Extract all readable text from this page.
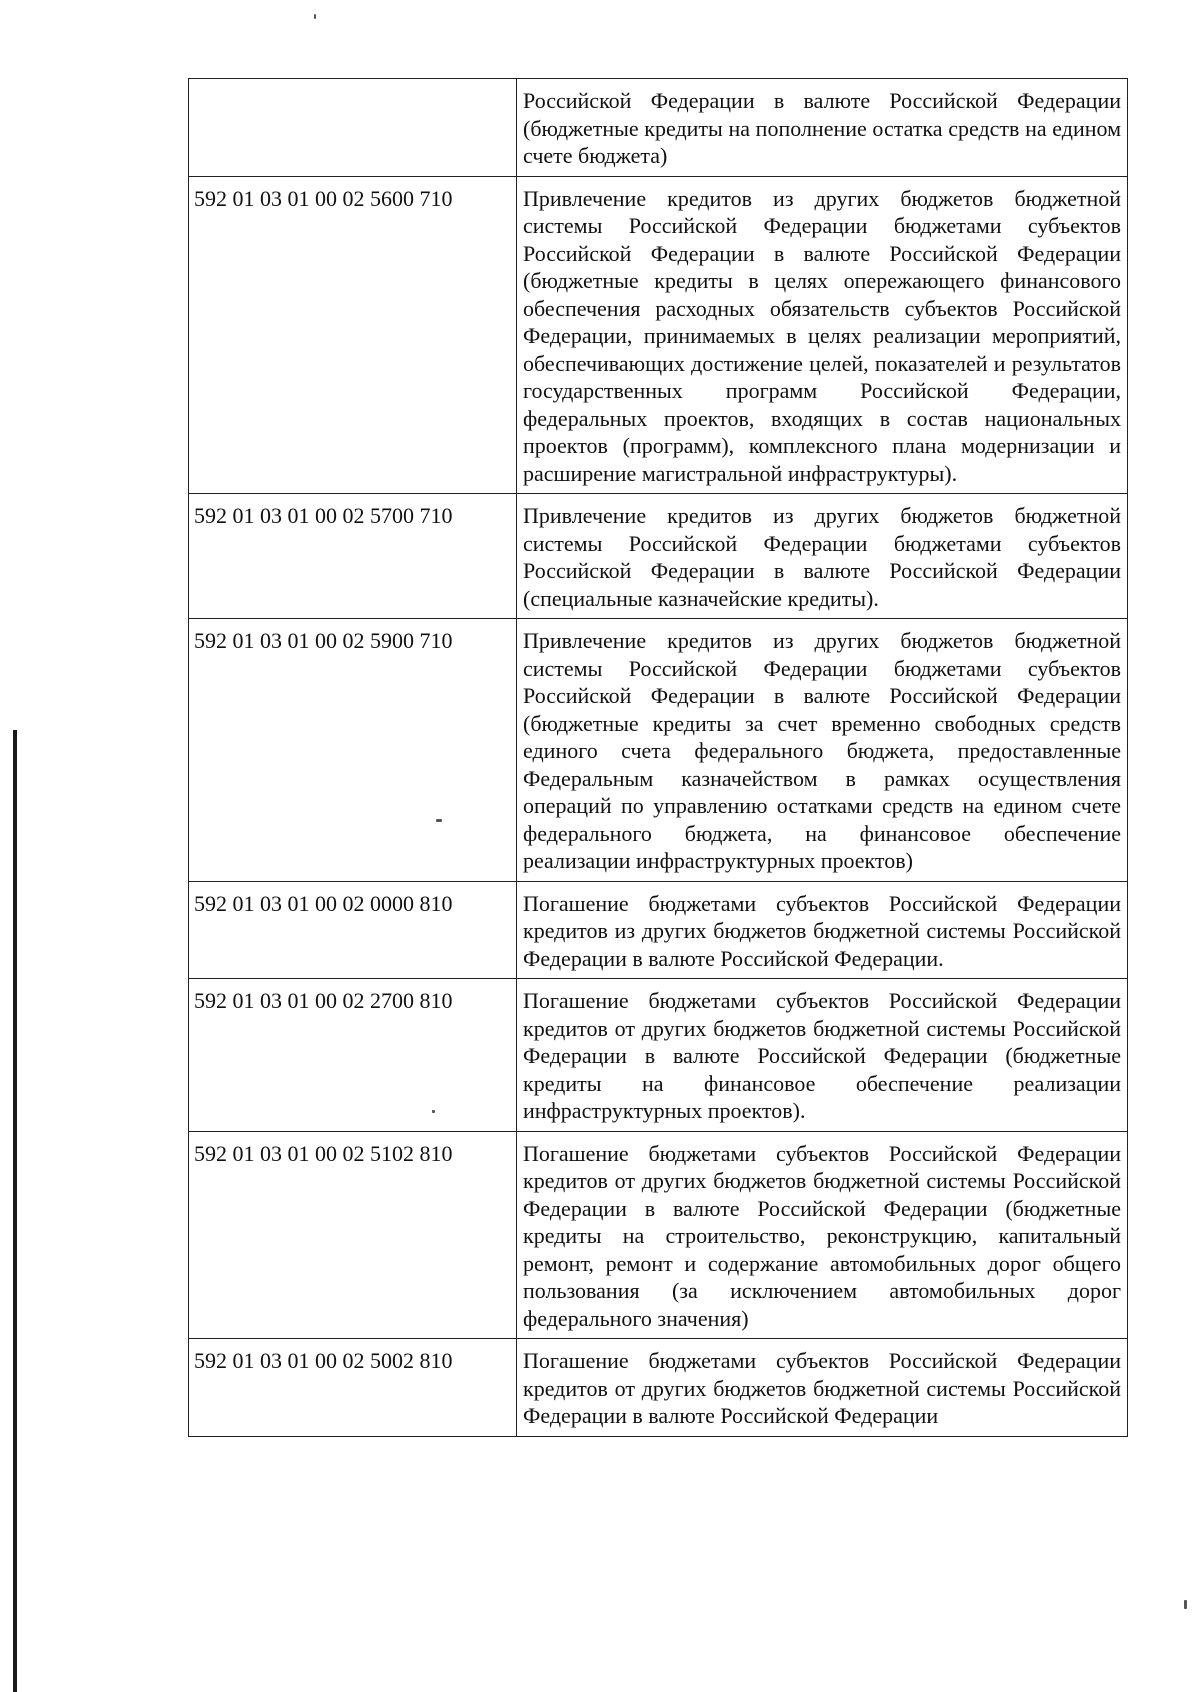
	Российской Федерации в валюте Российской Федерации (бюджетные кредиты на пополнение остатка средств на едином счете бюджета)
592 01 03 01 00 02 5600 710	Привлечение кредитов из других бюджетов бюджетной системы Российской Федерации бюджетами субъектов Российской Федерации в валюте Российской Федерации (бюджетные кредиты в целях опережающего финансового обеспечения расходных обязательств субъектов Российской Федерации, принимаемых в целях реализации мероприятий, обеспечивающих достижение целей, показателей и результатов государственных программ Российской Федерации, федеральных проектов, входящих в состав национальных проектов (программ), комплексного плана модернизации и расширение магистральной инфраструктуры).
592 01 03 01 00 02 5700 710	Привлечение кредитов из других бюджетов бюджетной системы Российской Федерации бюджетами субъектов Российской Федерации в валюте Российской Федерации (специальные казначейские кредиты).
592 01 03 01 00 02 5900 710	Привлечение кредитов из других бюджетов бюджетной системы Российской Федерации бюджетами субъектов Российской Федерации в валюте Российской Федерации (бюджетные кредиты за счет временно свободных средств единого счета федерального бюджета, предоставленные Федеральным казначейством в рамках осуществления операций по управлению остатками средств на едином счете федерального бюджета, на финансовое обеспечение реализации инфраструктурных проектов)
592 01 03 01 00 02 0000 810	Погашение бюджетами субъектов Российской Федерации кредитов из других бюджетов бюджетной системы Российской Федерации в валюте Российской Федерации.
592 01 03 01 00 02 2700 810	Погашение бюджетами субъектов Российской Федерации кредитов от других бюджетов бюджетной системы Российской Федерации в валюте Российской Федерации (бюджетные кредиты на финансовое обеспечение реализации инфраструктурных проектов).
592 01 03 01 00 02 5102 810	Погашение бюджетами субъектов Российской Федерации кредитов от других бюджетов бюджетной системы Российской Федерации в валюте Российской Федерации (бюджетные кредиты на строительство, реконструкцию, капитальный ремонт, ремонт и содержание автомобильных дорог общего пользования (за исключением автомобильных дорог федерального значения)
592 01 03 01 00 02 5002 810	Погашение бюджетами субъектов Российской Федерации кредитов от других бюджетов бюджетной системы Российской Федерации в валюте Российской Федерации
